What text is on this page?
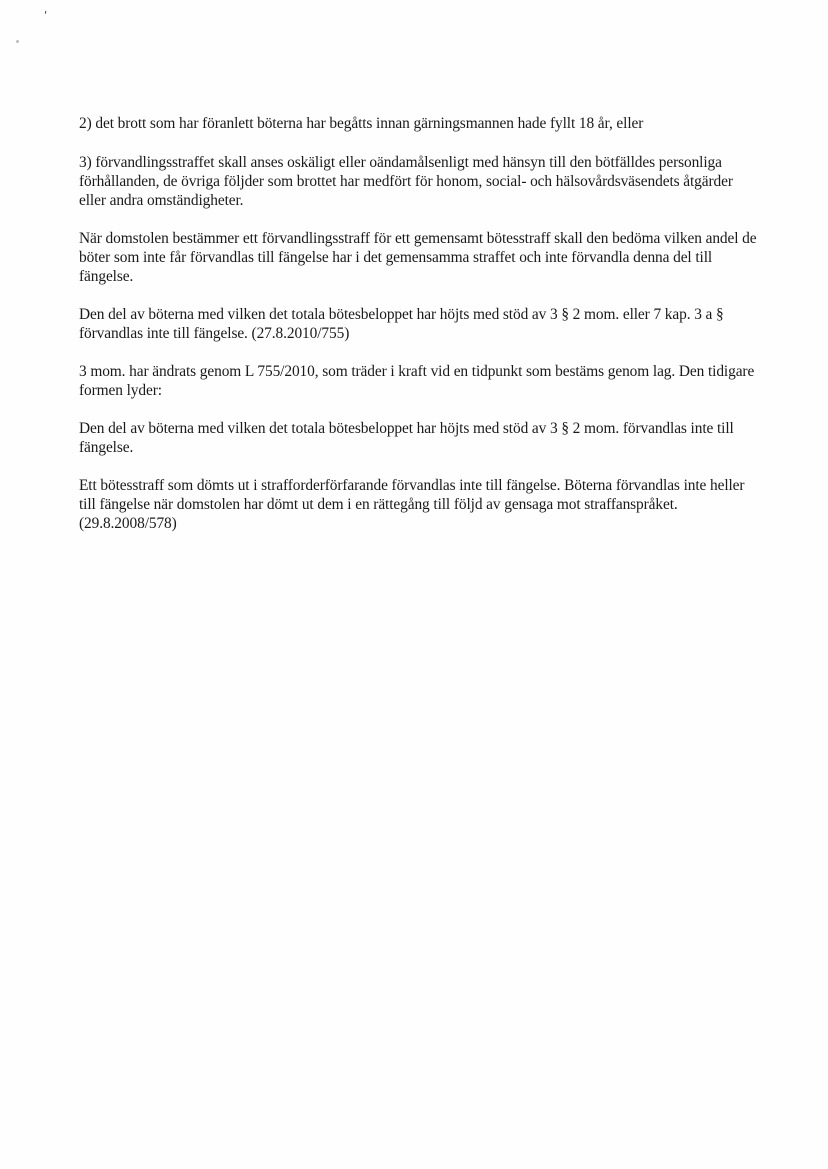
'

2) det brott som har föranlett böterna har begåtts innan gärningsmannen hade fyllt 18 år, eller

3) förvandlingsstraffet skall anses oskäligt eller oändamålsenligt med hänsyn till den bötfälldes personliga förhållanden, de övriga följder som brottet har medfört för honom, social- och hälsovårdsväsendets åtgärder eller andra omständigheter.

När domstolen bestämmer ett förvandlingsstraff för ett gemensamt bötesstraff skall den bedöma vilken andel de böter som inte får förvandlas till fängelse har i det gemensamma straffet och inte förvandla denna del till fängelse.

Den del av böterna med vilken det totala bötesbeloppet har höjts med stöd av 3 § 2 mom. eller 7 kap. 3 a § förvandlas inte till fängelse. (27.8.2010/755)

3 mom. har ändrats genom L 755/2010, som träder i kraft vid en tidpunkt som bestäms genom lag. Den tidigare formen lyder:

Den del av böterna med vilken det totala bötesbeloppet har höjts med stöd av 3 § 2 mom. förvandlas inte till fängelse.

Ett bötesstraff som dömts ut i strafforderförfarande förvandlas inte till fängelse. Böterna förvandlas inte heller till fängelse när domstolen har dömt ut dem i en rättegång till följd av gensaga mot straffanspråket. (29.8.2008/578)
